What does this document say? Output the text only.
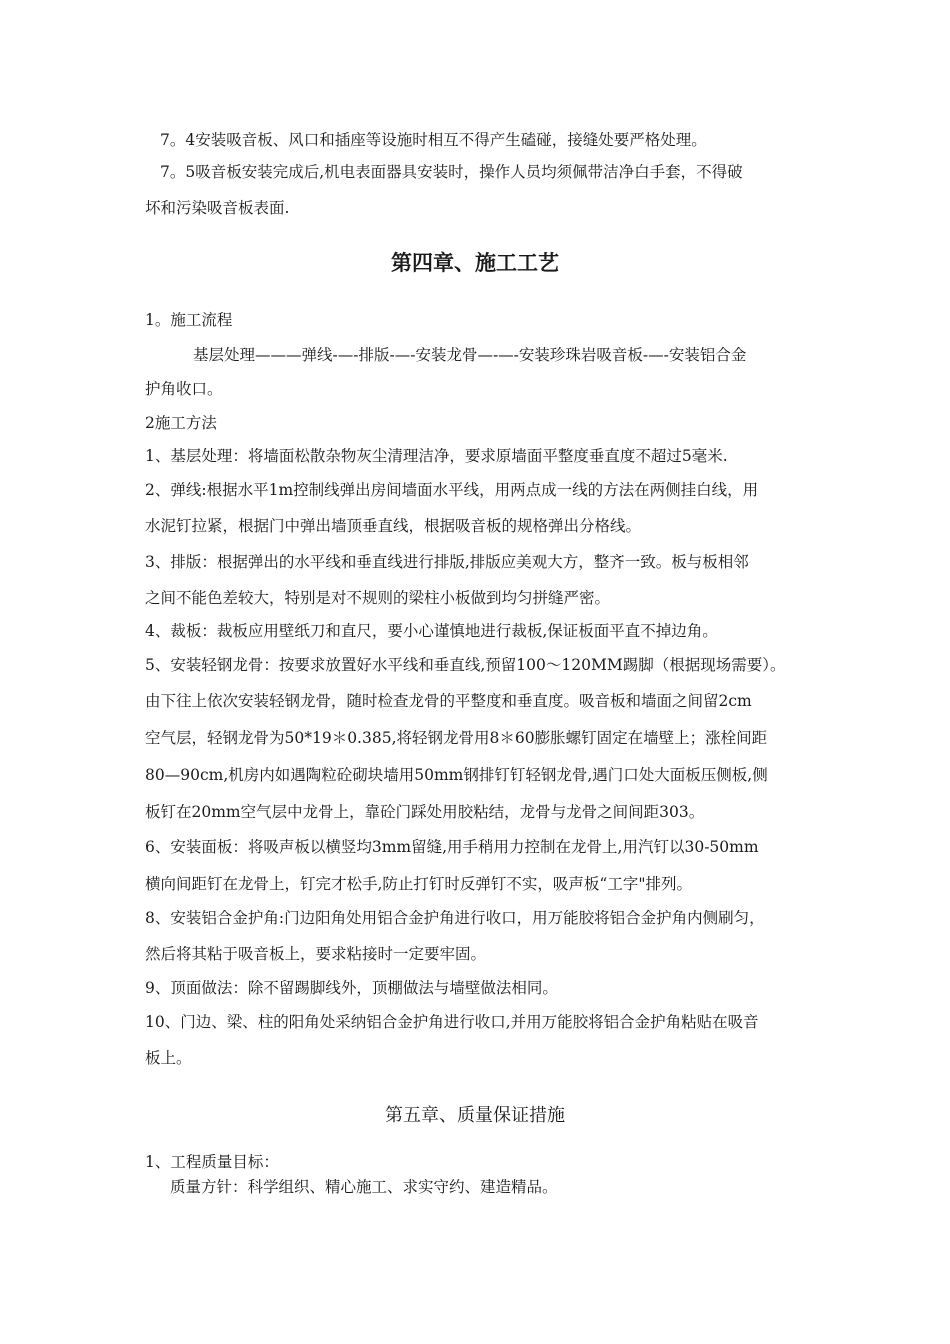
7。4安装吸音板、风口和插座等设施时相互不得产生磕碰，接缝处要严格处理。
7。5吸音板安装完成后,机电表面器具安装时，操作人员均须佩带洁净白手套，不得破
坏和污染吸音板表面.
第四章、施工工艺
1。施工流程
基层处理———弹线-—-排版-—-安装龙骨—-—-安装珍珠岩吸音板-—-安装铝合金
护角收口。
2施工方法
1、基层处理：将墙面松散杂物灰尘清理洁净，要求原墙面平整度垂直度不超过5毫米.
2、弹线:根据水平1m控制线弹出房间墙面水平线，用两点成一线的方法在两侧挂白线，用
水泥钉拉紧，根据门中弹出墙顶垂直线，根据吸音板的规格弹出分格线。
3、排版：根据弹出的水平线和垂直线进行排版,排版应美观大方，整齐一致。板与板相邻
之间不能色差较大，特别是对不规则的梁柱小板做到均匀拼缝严密。
4、裁板：裁板应用壁纸刀和直尺，要小心谨慎地进行裁板,保证板面平直不掉边角。
5、安装轻钢龙骨：按要求放置好水平线和垂直线,预留100～120MM踢脚（根据现场需要）。
由下往上依次安装轻钢龙骨，随时检查龙骨的平整度和垂直度。吸音板和墙面之间留2cm
空气层，轻钢龙骨为50*19＊0.385,将轻钢龙骨用8＊60膨胀螺钉固定在墙壁上；涨栓间距
80—90cm,机房内如遇陶粒砼砌块墙用50mm钢排钉钉轻钢龙骨,遇门口处大面板压侧板,侧
板钉在20mm空气层中龙骨上，靠砼门踩处用胶粘结，龙骨与龙骨之间间距303。
6、安装面板：将吸声板以横竖均3mm留缝,用手稍用力控制在龙骨上,用汽钉以30-50mm
横向间距钉在龙骨上，钉完才松手,防止打钉时反弹钉不实，吸声板“工字"排列。
8、安装铝合金护角:门边阳角处用铝合金护角进行收口，用万能胶将铝合金护角内侧刷匀，
然后将其粘于吸音板上，要求粘接时一定要牢固。
9、顶面做法：除不留踢脚线外，顶棚做法与墙壁做法相同。
10、门边、梁、柱的阳角处采纳铝合金护角进行收口,并用万能胶将铝合金护角粘贴在吸音
板上。
第五章、质量保证措施
1、工程质量目标：
质量方针：科学组织、精心施工、求实守约、建造精品。
